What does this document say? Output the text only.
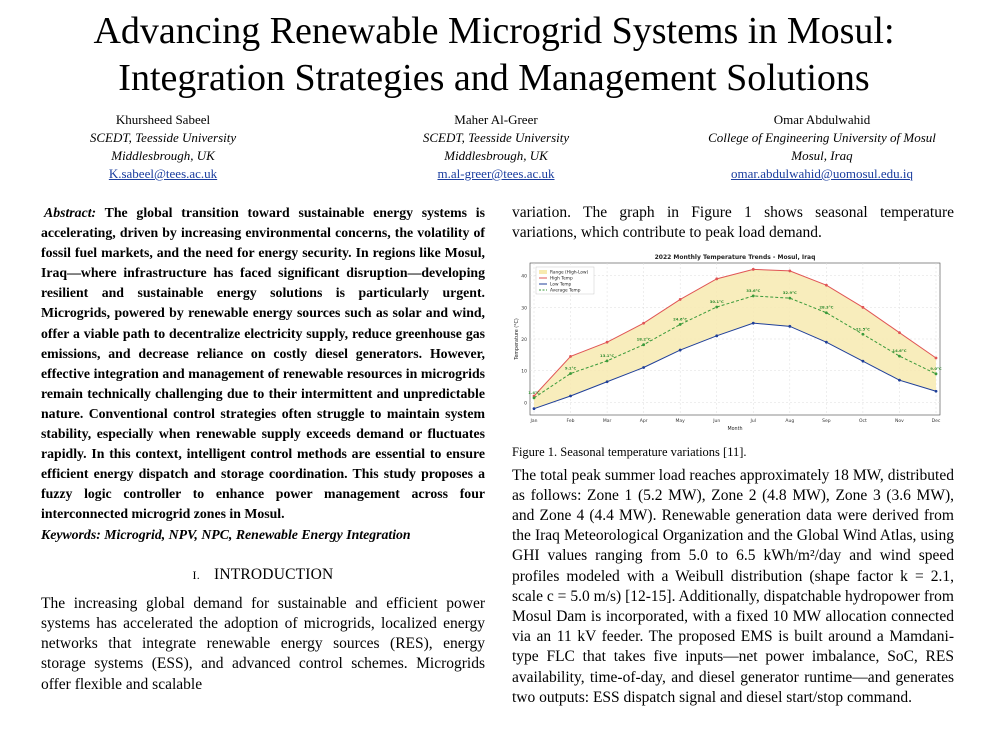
Advancing Renewable Microgrid Systems in Mosul:
Integration Strategies and Management Solutions
Khursheed Sabeel
SCEDT, Teesside University
Middlesbrough, UK
K.sabeel@tees.ac.uk
Maher Al-Greer
SCEDT, Teesside University
Middlesbrough, UK
m.al-greer@tees.ac.uk
Omar Abdulwahid
College of Engineering University of Mosul
Mosul, Iraq
omar.abdulwahid@uomosul.edu.iq

Abstract: The global transition toward sustainable energy systems is accelerating, driven by increasing environmental concerns, the volatility of fossil fuel markets, and the need for energy security. In regions like Mosul, Iraq—where infrastructure has faced significant disruption—developing resilient and sustainable energy solutions is particularly urgent. Microgrids, powered by renewable energy sources such as solar and wind, offer a viable path to decentralize electricity supply, reduce greenhouse gas emissions, and decrease reliance on costly diesel generators. However, effective integration and management of renewable resources in microgrids remain technically challenging due to their intermittent and unpredictable nature. Conventional control strategies often struggle to maintain system stability, especially when renewable supply exceeds demand or fluctuates rapidly. In this context, intelligent control methods are essential to ensure efficient energy dispatch and storage coordination. This study proposes a fuzzy logic controller to enhance power management across four interconnected microgrid zones in Mosul.

Keywords: Microgrid, NPV, NPC, Renewable Energy Integration

I. INTRODUCTION

The increasing global demand for sustainable and efficient power systems has accelerated the adoption of microgrids, localized energy networks that integrate renewable energy sources (RES), energy storage systems (ESS), and advanced control schemes. Microgrids offer flexible and scalable

variation. The graph in Figure 1 shows seasonal temperature variations, which contribute to peak load demand.

0
10
20
30
40
Jan	Feb	Mar	Apr	May	Jun	Jul	Aug	Sep	Oct	Nov	Dec
1.4°C
9.1°C
13.1°C
18.2°C
24.6°C
30.1°C
33.6°C	32.9°C
28.3°C
21.5°C
14.6°C
9.0°C
2022 Monthly Temperature Trends - Mosul, Iraq
Month
Temperature (°C)
Range (High-Low)
High Temp
Low Temp
Average Temp
Figure 1. Seasonal temperature variations [11].

The total peak summer load reaches approximately 18 MW, distributed as follows: Zone 1 (5.2 MW), Zone 2 (4.8 MW), Zone 3 (3.6 MW), and Zone 4 (4.4 MW). Renewable generation data were derived from the Iraq Meteorological Organization and the Global Wind Atlas, using GHI values ranging from 5.0 to 6.5 kWh/m²/day and wind speed profiles modeled with a Weibull distribution (shape factor k = 2.1, scale c = 5.0 m/s) [12-15]. Additionally, dispatchable hydropower from Mosul Dam is incorporated, with a fixed 10 MW allocation connected via an 11 kV feeder. The proposed EMS is built around a Mamdani-type FLC that takes five inputs—net power imbalance, SoC, RES availability, time-of-day, and diesel generator runtime—and generates two outputs: ESS dispatch signal and diesel start/stop command.
